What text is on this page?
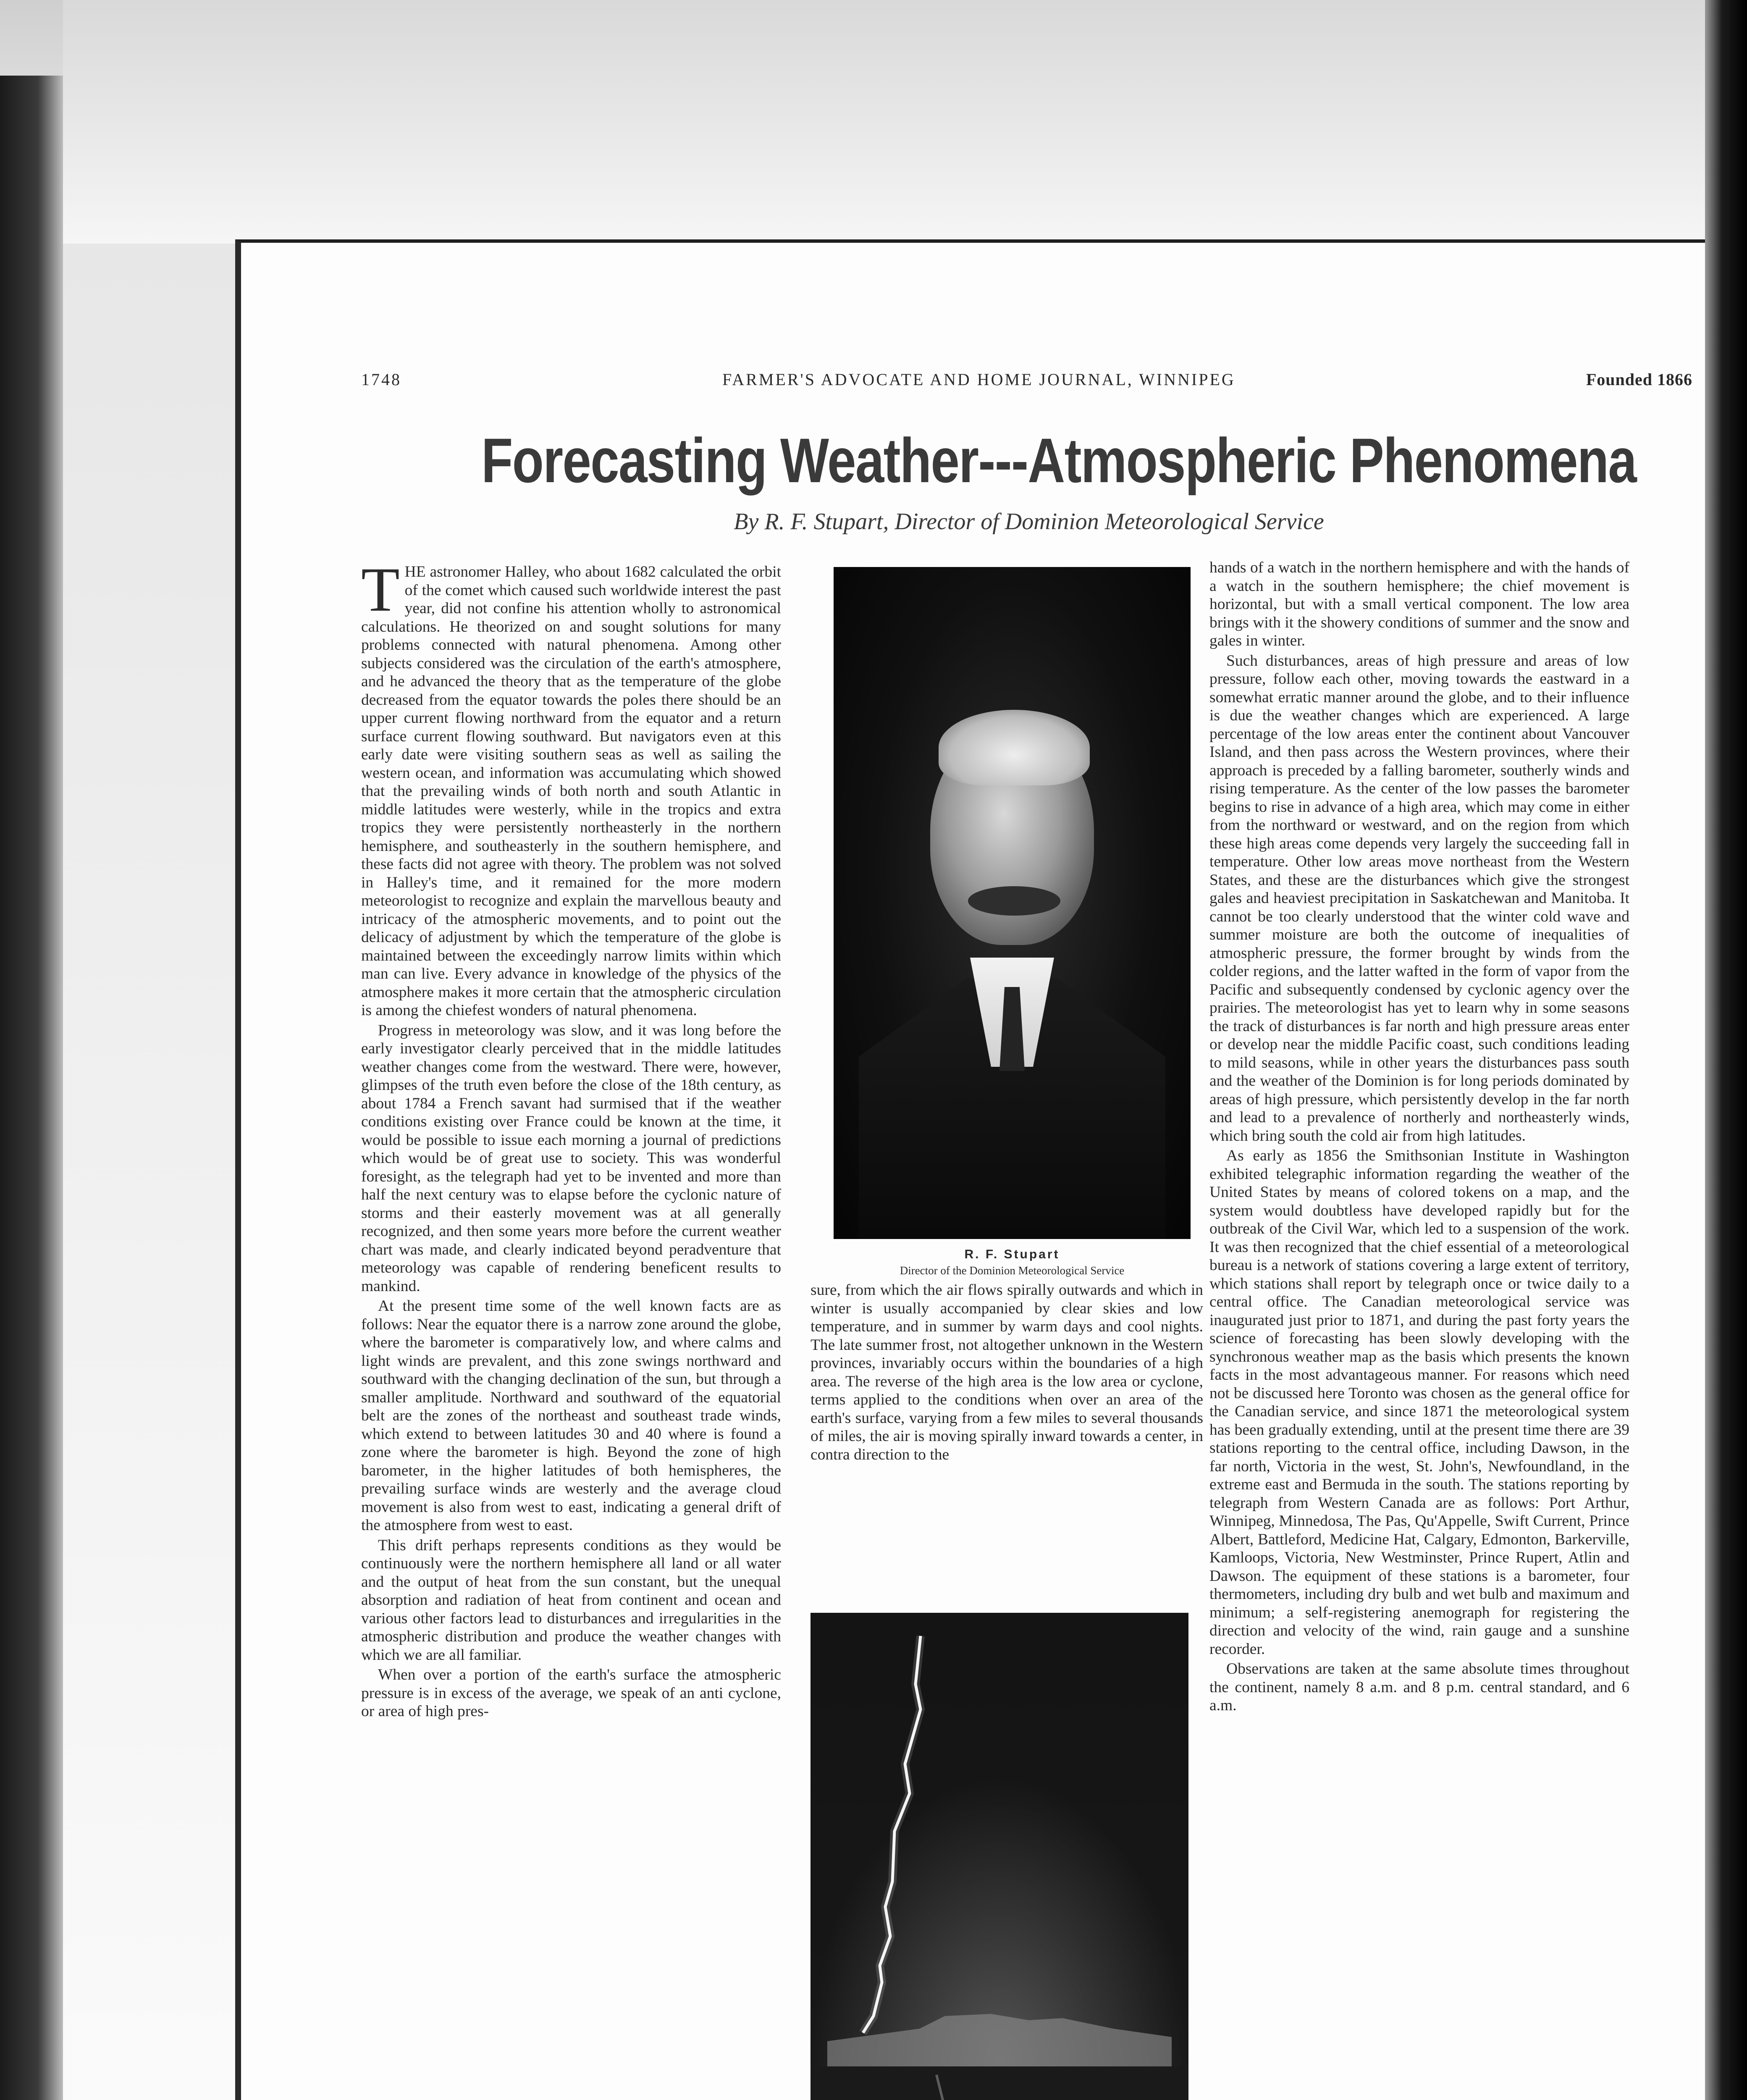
1748	FARMER'S ADVOCATE AND HOME JOURNAL, WINNIPEG	Founded 1866
Forecasting Weather---Atmospheric Phenomena
By R. F. Stupart, Director of Dominion Meteorological Service

THE astronomer Halley, who about 1682 calculated the orbit of the comet which caused such worldwide interest the past year, did not confine his attention wholly to astronomical calculations. He theorized on and sought solutions for many problems connected with natural phenomena. Among other subjects considered was the circulation of the earth's atmosphere, and he advanced the theory that as the temperature of the globe decreased from the equator towards the poles there should be an upper current flowing northward from the equator and a return surface current flowing southward. But navigators even at this early date were visiting southern seas as well as sailing the western ocean, and information was accumulating which showed that the prevailing winds of both north and south Atlantic in middle latitudes were westerly, while in the tropics and extra tropics they were persistently northeasterly in the northern hemisphere, and southeasterly in the southern hemisphere, and these facts did not agree with theory. The problem was not solved in Halley's time, and it remained for the more modern meteorologist to recognize and explain the marvellous beauty and intricacy of the atmospheric movements, and to point out the delicacy of adjustment by which the temperature of the globe is maintained between the exceedingly narrow limits within which man can live. Every advance in knowledge of the physics of the atmosphere makes it more certain that the atmospheric circulation is among the chiefest wonders of natural phenomena.

Progress in meteorology was slow, and it was long before the early investigator clearly perceived that in the middle latitudes weather changes come from the westward. There were, however, glimpses of the truth even before the close of the 18th century, as about 1784 a French savant had surmised that if the weather conditions existing over France could be known at the time, it would be possible to issue each morning a journal of predictions which would be of great use to society. This was wonderful foresight, as the telegraph had yet to be invented and more than half the next century was to elapse before the cyclonic nature of storms and their easterly movement was at all generally recognized, and then some years more before the current weather chart was made, and clearly indicated beyond peradventure that meteorology was capable of rendering beneficent results to mankind.

At the present time some of the well known facts are as follows: Near the equator there is a narrow zone around the globe, where the barometer is comparatively low, and where calms and light winds are prevalent, and this zone swings northward and southward with the changing declination of the sun, but through a smaller amplitude. Northward and southward of the equatorial belt are the zones of the northeast and southeast trade winds, which extend to between latitudes 30 and 40 where is found a zone where the barometer is high. Beyond the zone of high barometer, in the higher latitudes of both hemispheres, the prevailing surface winds are westerly and the average cloud movement is also from west to east, indicating a general drift of the atmosphere from west to east.

This drift perhaps represents conditions as they would be continuously were the northern hemisphere all land or all water and the output of heat from the sun constant, but the unequal absorption and radiation of heat from continent and ocean and various other factors lead to disturbances and irregularities in the atmospheric distribution and produce the weather changes with which we are all familiar.

When over a portion of the earth's surface the atmospheric pressure is in excess of the average, we speak of an anti cyclone, or area of high pres-

R. F. Stupart
Director of the Dominion Meteorological Service

sure, from which the air flows spirally outwards and which in winter is usually accompanied by clear skies and low temperature, and in summer by warm days and cool nights. The late summer frost, not altogether unknown in the Western provinces, invariably occurs within the boundaries of a high area. The reverse of the high area is the low area or cyclone, terms applied to the conditions when over an area of the earth's surface, varying from a few miles to several thousands of miles, the air is moving spirally inward towards a center, in contra direction to the

hands of a watch in the northern hemisphere and with the hands of a watch in the southern hemisphere; the chief movement is horizontal, but with a small vertical component. The low area brings with it the showery conditions of summer and the snow and gales in winter.

Such disturbances, areas of high pressure and areas of low pressure, follow each other, moving towards the eastward in a somewhat erratic manner around the globe, and to their influence is due the weather changes which are experienced. A large percentage of the low areas enter the continent about Vancouver Island, and then pass across the Western provinces, where their approach is preceded by a falling barometer, southerly winds and rising temperature. As the center of the low passes the barometer begins to rise in advance of a high area, which may come in either from the northward or westward, and on the region from which these high areas come depends very largely the succeeding fall in temperature. Other low areas move northeast from the Western States, and these are the disturbances which give the strongest gales and heaviest precipitation in Saskatchewan and Manitoba. It cannot be too clearly understood that the winter cold wave and summer moisture are both the outcome of inequalities of atmospheric pressure, the former brought by winds from the colder regions, and the latter wafted in the form of vapor from the Pacific and subsequently condensed by cyclonic agency over the prairies. The meteorologist has yet to learn why in some seasons the track of disturbances is far north and high pressure areas enter or develop near the middle Pacific coast, such conditions leading to mild seasons, while in other years the disturbances pass south and the weather of the Dominion is for long periods dominated by areas of high pressure, which persistently develop in the far north and lead to a prevalence of northerly and northeasterly winds, which bring south the cold air from high latitudes.

As early as 1856 the Smithsonian Institute in Washington exhibited telegraphic information regarding the weather of the United States by means of colored tokens on a map, and the system would doubtless have developed rapidly but for the outbreak of the Civil War, which led to a suspension of the work. It was then recognized that the chief essential of a meteorological bureau is a network of stations covering a large extent of territory, which stations shall report by telegraph once or twice daily to a central office. The Canadian meteorological service was inaugurated just prior to 1871, and during the past forty years the science of forecasting has been slowly developing with the synchronous weather map as the basis which presents the known facts in the most advantageous manner. For reasons which need not be discussed here Toronto was chosen as the general office for the Canadian service, and since 1871 the meteorological system has been gradually extending, until at the present time there are 39 stations reporting to the central office, including Dawson, in the far north, Victoria in the west, St. John's, Newfoundland, in the extreme east and Bermuda in the south. The stations reporting by telegraph from Western Canada are as follows: Port Arthur, Winnipeg, Minnedosa, The Pas, Qu'Appelle, Swift Current, Prince Albert, Battleford, Medicine Hat, Calgary, Edmonton, Barkerville, Kamloops, Victoria, New Westminster, Prince Rupert, Atlin and Dawson. The equipment of these stations is a barometer, four thermometers, including dry bulb and wet bulb and maximum and minimum; a self-registering anemograph for registering the direction and velocity of the wind, rain gauge and a sunshine recorder.

Observations are taken at the same absolute times throughout the continent, namely 8 a.m. and 8 p.m. central standard, and 6 a.m.
